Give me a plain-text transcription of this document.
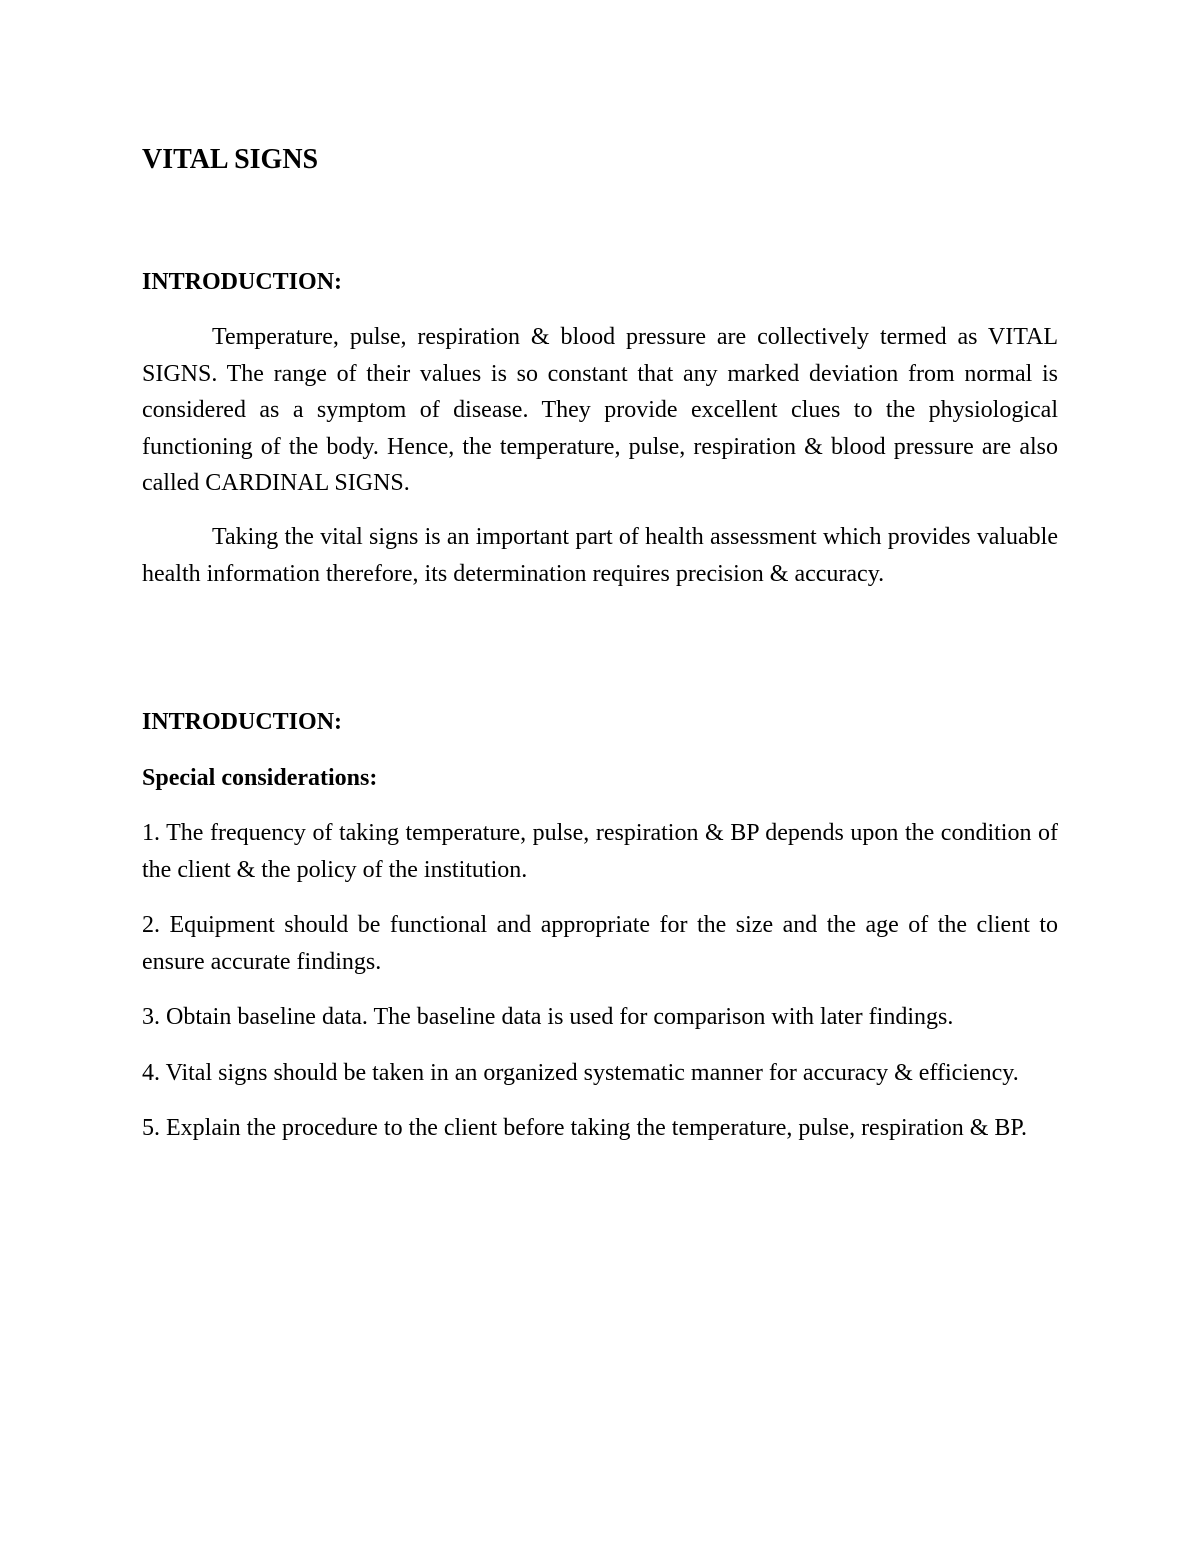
VITAL SIGNS
INTRODUCTION:

Temperature, pulse, respiration & blood pressure are collectively termed as VITAL SIGNS. The range of their values is so constant that any marked deviation from normal is considered as a symptom of disease. They provide excellent clues to the physiological functioning of the body. Hence, the temperature, pulse, respiration & blood pressure are also called CARDINAL SIGNS.

Taking the vital signs is an important part of health assessment which provides valuable health information therefore, its determination requires precision & accuracy.

INTRODUCTION:
Special considerations:
1. The frequency of taking temperature, pulse, respiration & BP depends upon the condition of the client & the policy of the institution.
2. Equipment should be functional and appropriate for the size and the age of the client to ensure accurate findings.
3. Obtain baseline data. The baseline data is used for comparison with later findings.
4. Vital signs should be taken in an organized systematic manner for accuracy & efficiency.
5. Explain the procedure to the client before taking the temperature, pulse, respiration & BP.
